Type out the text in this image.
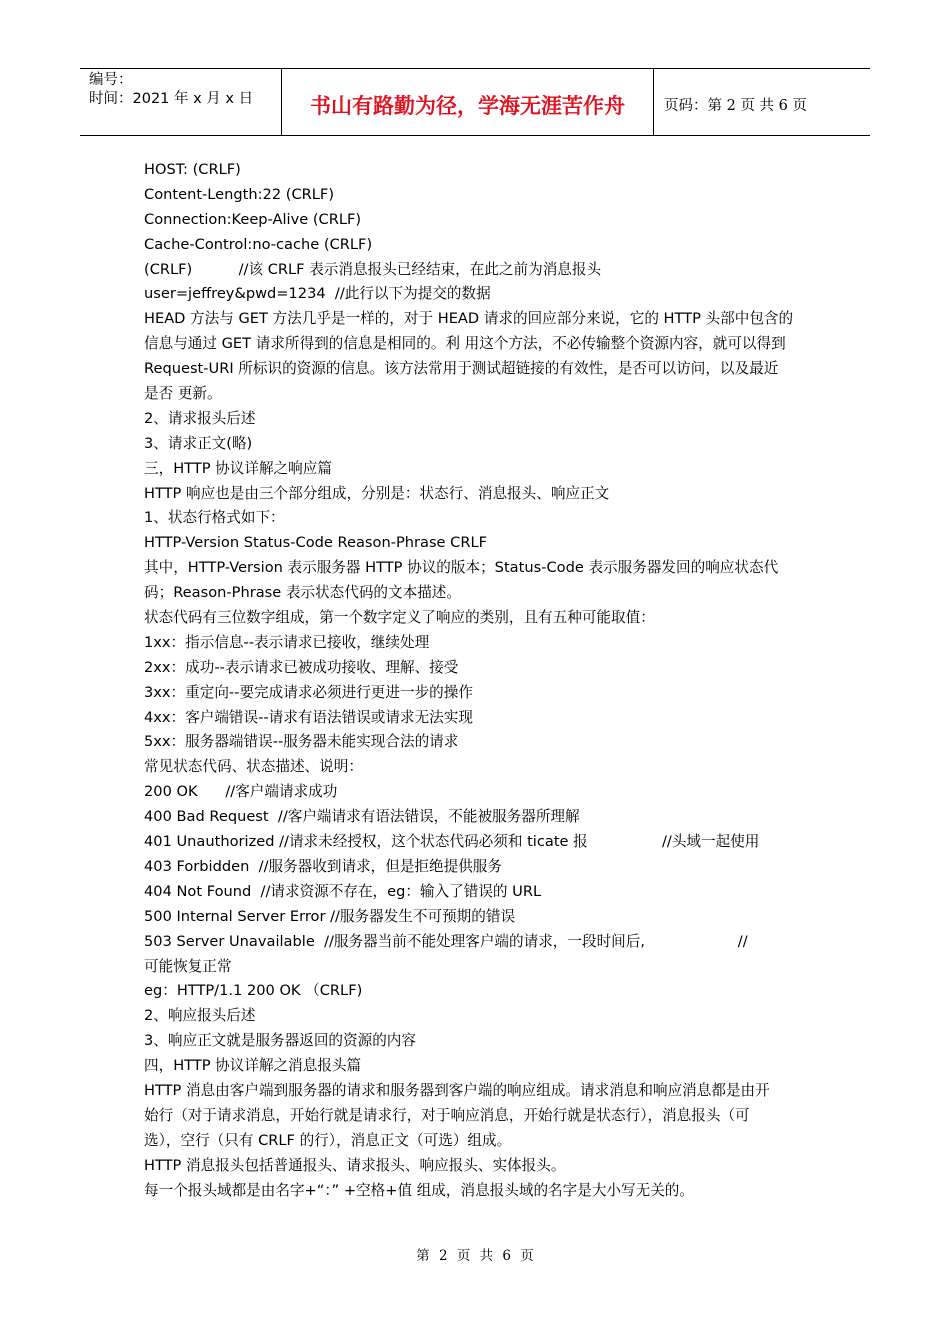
编号：
时间：2021 年 x 月 x 日	书山有路勤为径，学海无涯苦作舟	页码：第 2 页 共 6 页
HOST: (CRLF)
Content-Length:22 (CRLF)
Connection:Keep-Alive (CRLF)
Cache-Control:no-cache (CRLF)
(CRLF)          //该 CRLF 表示消息报头已经结束，在此之前为消息报头
user=jeffrey&pwd=1234  //此行以下为提交的数据
HEAD 方法与 GET 方法几乎是一样的，对于 HEAD 请求的回应部分来说，它的 HTTP 头部中包含的
信息与通过 GET 请求所得到的信息是相同的。利 用这个方法，不必传输整个资源内容，就可以得到
Request-URI 所标识的资源的信息。该方法常用于测试超链接的有效性，是否可以访问，以及最近
是否 更新。
2、请求报头后述
3、请求正文(略)
三，HTTP 协议详解之响应篇
HTTP 响应也是由三个部分组成，分别是：状态行、消息报头、响应正文
1、状态行格式如下：
HTTP-Version Status-Code Reason-Phrase CRLF
其中，HTTP-Version 表示服务器 HTTP 协议的版本；Status-Code 表示服务器发回的响应状态代
码；Reason-Phrase 表示状态代码的文本描述。
状态代码有三位数字组成，第一个数字定义了响应的类别，且有五种可能取值：
1xx：指示信息--表示请求已接收，继续处理
2xx：成功--表示请求已被成功接收、理解、接受
3xx：重定向--要完成请求必须进行更进一步的操作
4xx：客户端错误--请求有语法错误或请求无法实现
5xx：服务器端错误--服务器未能实现合法的请求
常见状态代码、状态描述、说明：
200 OK      //客户端请求成功
400 Bad Request  //客户端请求有语法错误，不能被服务器所理解
401 Unauthorized //请求未经授权，这个状态代码必须和 ticate 报                //头域一起使用
403 Forbidden  //服务器收到请求，但是拒绝提供服务
404 Not Found  //请求资源不存在，eg：输入了错误的 URL
500 Internal Server Error //服务器发生不可预期的错误
503 Server Unavailable  //服务器当前不能处理客户端的请求，一段时间后,                    //
可能恢复正常
eg：HTTP/1.1 200 OK （CRLF)
2、响应报头后述
3、响应正文就是服务器返回的资源的内容
四，HTTP 协议详解之消息报头篇
HTTP 消息由客户端到服务器的请求和服务器到客户端的响应组成。请求消息和响应消息都是由开
始行（对于请求消息，开始行就是请求行，对于响应消息，开始行就是状态行），消息报头（可
选），空行（只有 CRLF 的行），消息正文（可选）组成。
HTTP 消息报头包括普通报头、请求报头、响应报头、实体报头。
每一个报头域都是由名字+“：” +空格+值 组成，消息报头域的名字是大小写无关的。
第 2 页 共 6 页
